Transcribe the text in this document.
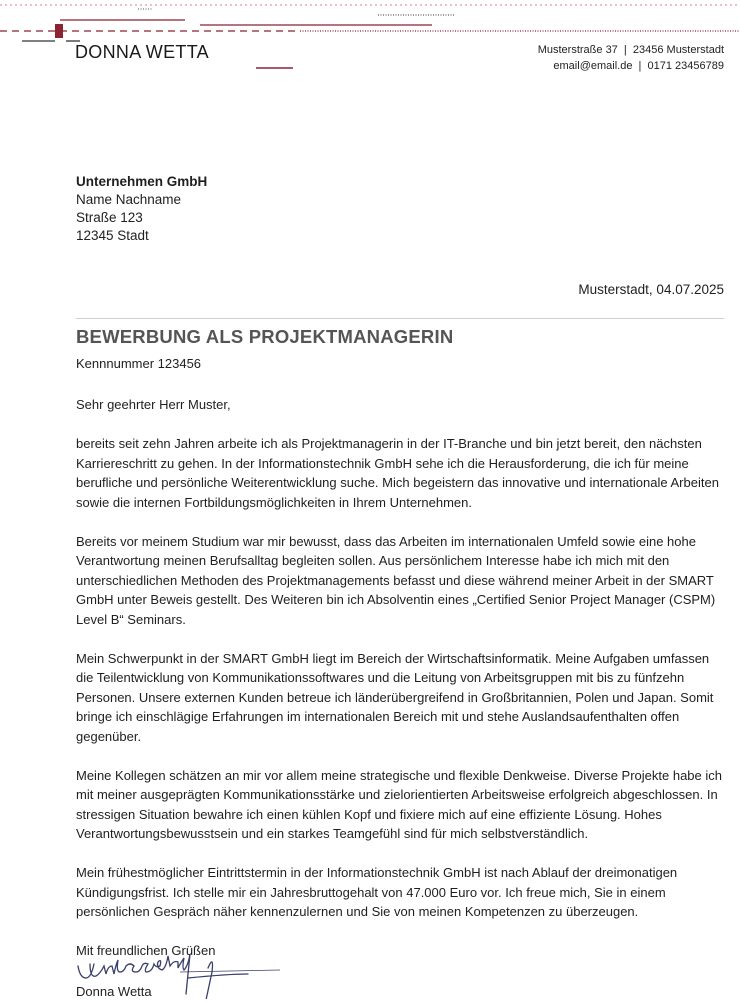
DONNA WETTA	Musterstraße 37  |  23456 Musterstadt
email@email.de  |  0171 23456789
Unternehmen GmbH
Name Nachname
Straße 123
12345 Stadt
Musterstadt, 04.07.2025
BEWERBUNG ALS PROJEKTMANAGERIN
Kennnummer 123456

Sehr geehrter Herr Muster,

bereits seit zehn Jahren arbeite ich als Projektmanagerin in der IT-Branche und bin jetzt bereit, den nächsten Karriereschritt zu gehen. In der Informationstechnik GmbH sehe ich die Herausforderung, die ich für meine berufliche und persönliche Weiterentwicklung suche. Mich begeistern das innovative und internationale Arbeiten sowie die internen Fortbildungsmöglichkeiten in Ihrem Unternehmen.

Bereits vor meinem Studium war mir bewusst, dass das Arbeiten im internationalen Umfeld sowie eine hohe Verantwortung meinen Berufsalltag begleiten sollen. Aus persönlichem Interesse habe ich mich mit den unterschiedlichen Methoden des Projektmanagements befasst und diese während meiner Arbeit in der SMART GmbH unter Beweis gestellt. Des Weiteren bin ich Absolventin eines „Certified Senior Project Manager (CSPM) Level B“ Seminars.

Mein Schwerpunkt in der SMART GmbH liegt im Bereich der Wirtschaftsinformatik. Meine Aufgaben umfassen die Teilentwicklung von Kommunikationssoftwares und die Leitung von Arbeitsgruppen mit bis zu fünfzehn Personen. Unsere externen Kunden betreue ich länderübergreifend in Großbritannien, Polen und Japan. Somit bringe ich einschlägige Erfahrungen im internationalen Bereich mit und stehe Auslandsaufenthalten offen gegenüber.

Meine Kollegen schätzen an mir vor allem meine strategische und flexible Denkweise. Diverse Projekte habe ich mit meiner ausgeprägten Kommunikationsstärke und zielorientierten Arbeitsweise erfolgreich abgeschlossen. In stressigen Situation bewahre ich einen kühlen Kopf und fixiere mich auf eine effiziente Lösung. Hohes Verantwortungsbewusstsein und ein starkes Teamgefühl sind für mich selbstverständlich.

Mein frühestmöglicher Eintrittstermin in der Informationstechnik GmbH ist nach Ablauf der dreimonatigen Kündigungsfrist. Ich stelle mir ein Jahresbruttogehalt von 47.000 Euro vor. Ich freue mich, Sie in einem persönlichen Gespräch näher kennenzulernen und Sie von meinen Kompetenzen zu überzeugen.

Mit freundlichen Grüßen

Donna Wetta
